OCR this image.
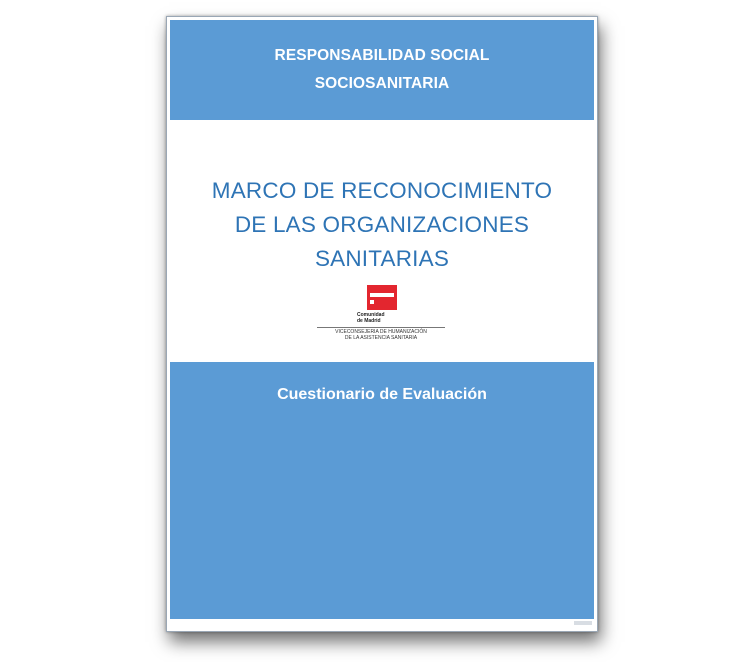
RESPONSABILIDAD SOCIAL
SOCIOSANITARIA
MARCO DE RECONOCIMIENTO
DE LAS ORGANIZACIONES
SANITARIAS
Comunidad
de Madrid
VICECONSEJERIA DE HUMANIZACIÓN
DE LA ASISTENCIA SANITARIA
Cuestionario de Evaluación
